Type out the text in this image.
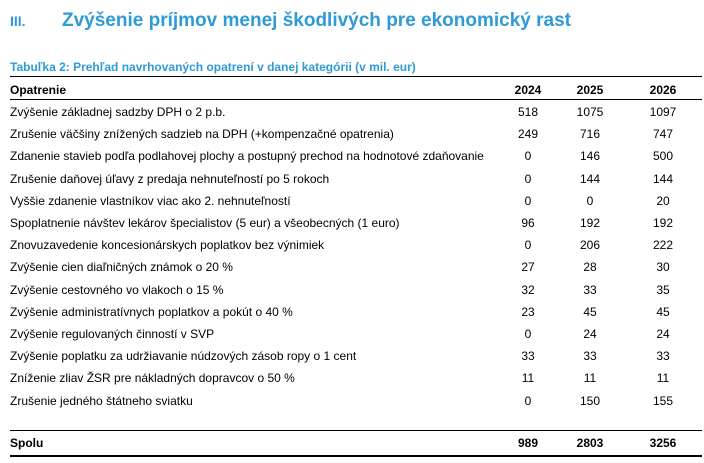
III.	Zvýšenie príjmov menej škodlivých pre ekonomický rast
Tabuľka 2: Prehľad navrhovaných opatrení v danej kategórii (v mil. eur)
Opatrenie	2024	2025	2026
Zvýšenie základnej sadzby DPH o 2 p.b.	518	1075	1097
Zrušenie väčšiny znížených sadzieb na DPH (+kompenzačné opatrenia)	249	716	747
Zdanenie stavieb podľa podlahovej plochy a postupný prechod na hodnotové zdaňovanie	0	146	500
Zrušenie daňovej úľavy z predaja nehnuteľností po 5 rokoch	0	144	144
Vyššie zdanenie vlastníkov viac ako 2. nehnuteľností	0	0	20
Spoplatnenie návštev lekárov špecialistov (5 eur) a všeobecných (1 euro)	96	192	192
Znovuzavedenie koncesionárskych poplatkov bez výnimiek	0	206	222
Zvýšenie cien diaľničných známok o 20 %	27	28	30
Zvýšenie cestovného vo vlakoch o 15 %	32	33	35
Zvýšenie administratívnych poplatkov a pokút o 40 %	23	45	45
Zvýšenie regulovaných činností v SVP	0	24	24
Zvýšenie poplatku za udržiavanie núdzových zásob ropy o 1 cent	33	33	33
Zníženie zliav ŽSR pre nákladných dopravcov o 50 %	11	11	11
Zrušenie jedného štátneho sviatku	0	150	155
Spolu	989	2803	3256
